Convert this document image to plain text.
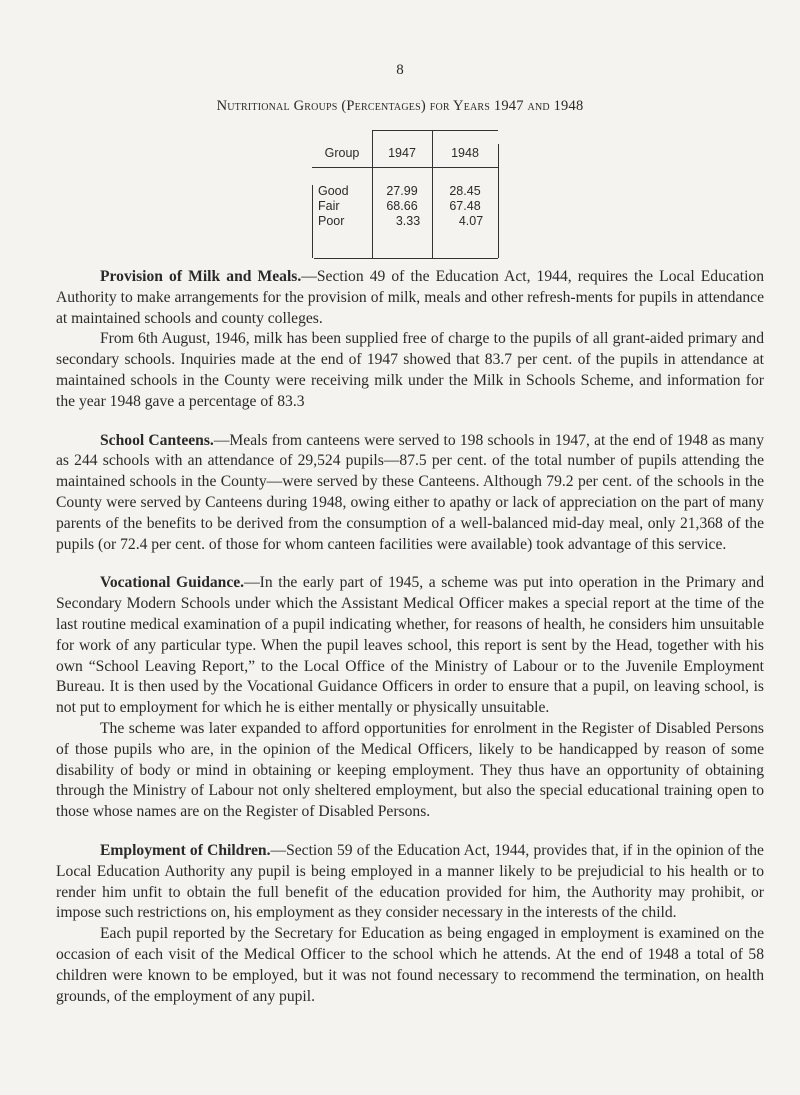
8
Nutritional Groups (Percentages) for Years 1947 and 1948
Group	1947	1948
Good	27.99	28.45
Fair	68.66	67.48
Poor	3.33	4.07

Provision of Milk and Meals.—Section 49 of the Education Act, 1944, requires the Local Education Authority to make arrangements for the provision of milk, meals and other refresh-ments for pupils in attendance at maintained schools and county colleges.

From 6th August, 1946, milk has been supplied free of charge to the pupils of all grant-aided primary and secondary schools. Inquiries made at the end of 1947 showed that 83.7 per cent. of the pupils in attendance at maintained schools in the County were receiving milk under the Milk in Schools Scheme, and information for the year 1948 gave a percentage of 83.3

School Canteens.—Meals from canteens were served to 198 schools in 1947, at the end of 1948 as many as 244 schools with an attendance of 29,524 pupils—87.5 per cent. of the total number of pupils attending the maintained schools in the County—were served by these Canteens. Although 79.2 per cent. of the schools in the County were served by Canteens during 1948, owing either to apathy or lack of appreciation on the part of many parents of the benefits to be derived from the consumption of a well-balanced mid-day meal, only 21,368 of the pupils (or 72.4 per cent. of those for whom canteen facilities were available) took advantage of this service.

Vocational Guidance.—In the early part of 1945, a scheme was put into operation in the Primary and Secondary Modern Schools under which the Assistant Medical Officer makes a special report at the time of the last routine medical examination of a pupil indicating whether, for reasons of health, he considers him unsuitable for work of any particular type. When the pupil leaves school, this report is sent by the Head, together with his own “School Leaving Report,” to the Local Office of the Ministry of Labour or to the Juvenile Employment Bureau. It is then used by the Vocational Guidance Officers in order to ensure that a pupil, on leaving school, is not put to employment for which he is either mentally or physically unsuitable.

The scheme was later expanded to afford opportunities for enrolment in the Register of Disabled Persons of those pupils who are, in the opinion of the Medical Officers, likely to be handicapped by reason of some disability of body or mind in obtaining or keeping employment. They thus have an opportunity of obtaining through the Ministry of Labour not only sheltered employment, but also the special educational training open to those whose names are on the Register of Disabled Persons.

Employment of Children.—Section 59 of the Education Act, 1944, provides that, if in the opinion of the Local Education Authority any pupil is being employed in a manner likely to be prejudicial to his health or to render him unfit to obtain the full benefit of the education provided for him, the Authority may prohibit, or impose such restrictions on, his employment as they consider necessary in the interests of the child.

Each pupil reported by the Secretary for Education as being engaged in employment is examined on the occasion of each visit of the Medical Officer to the school which he attends. At the end of 1948 a total of 58 children were known to be employed, but it was not found necessary to recommend the termination, on health grounds, of the employment of any pupil.
